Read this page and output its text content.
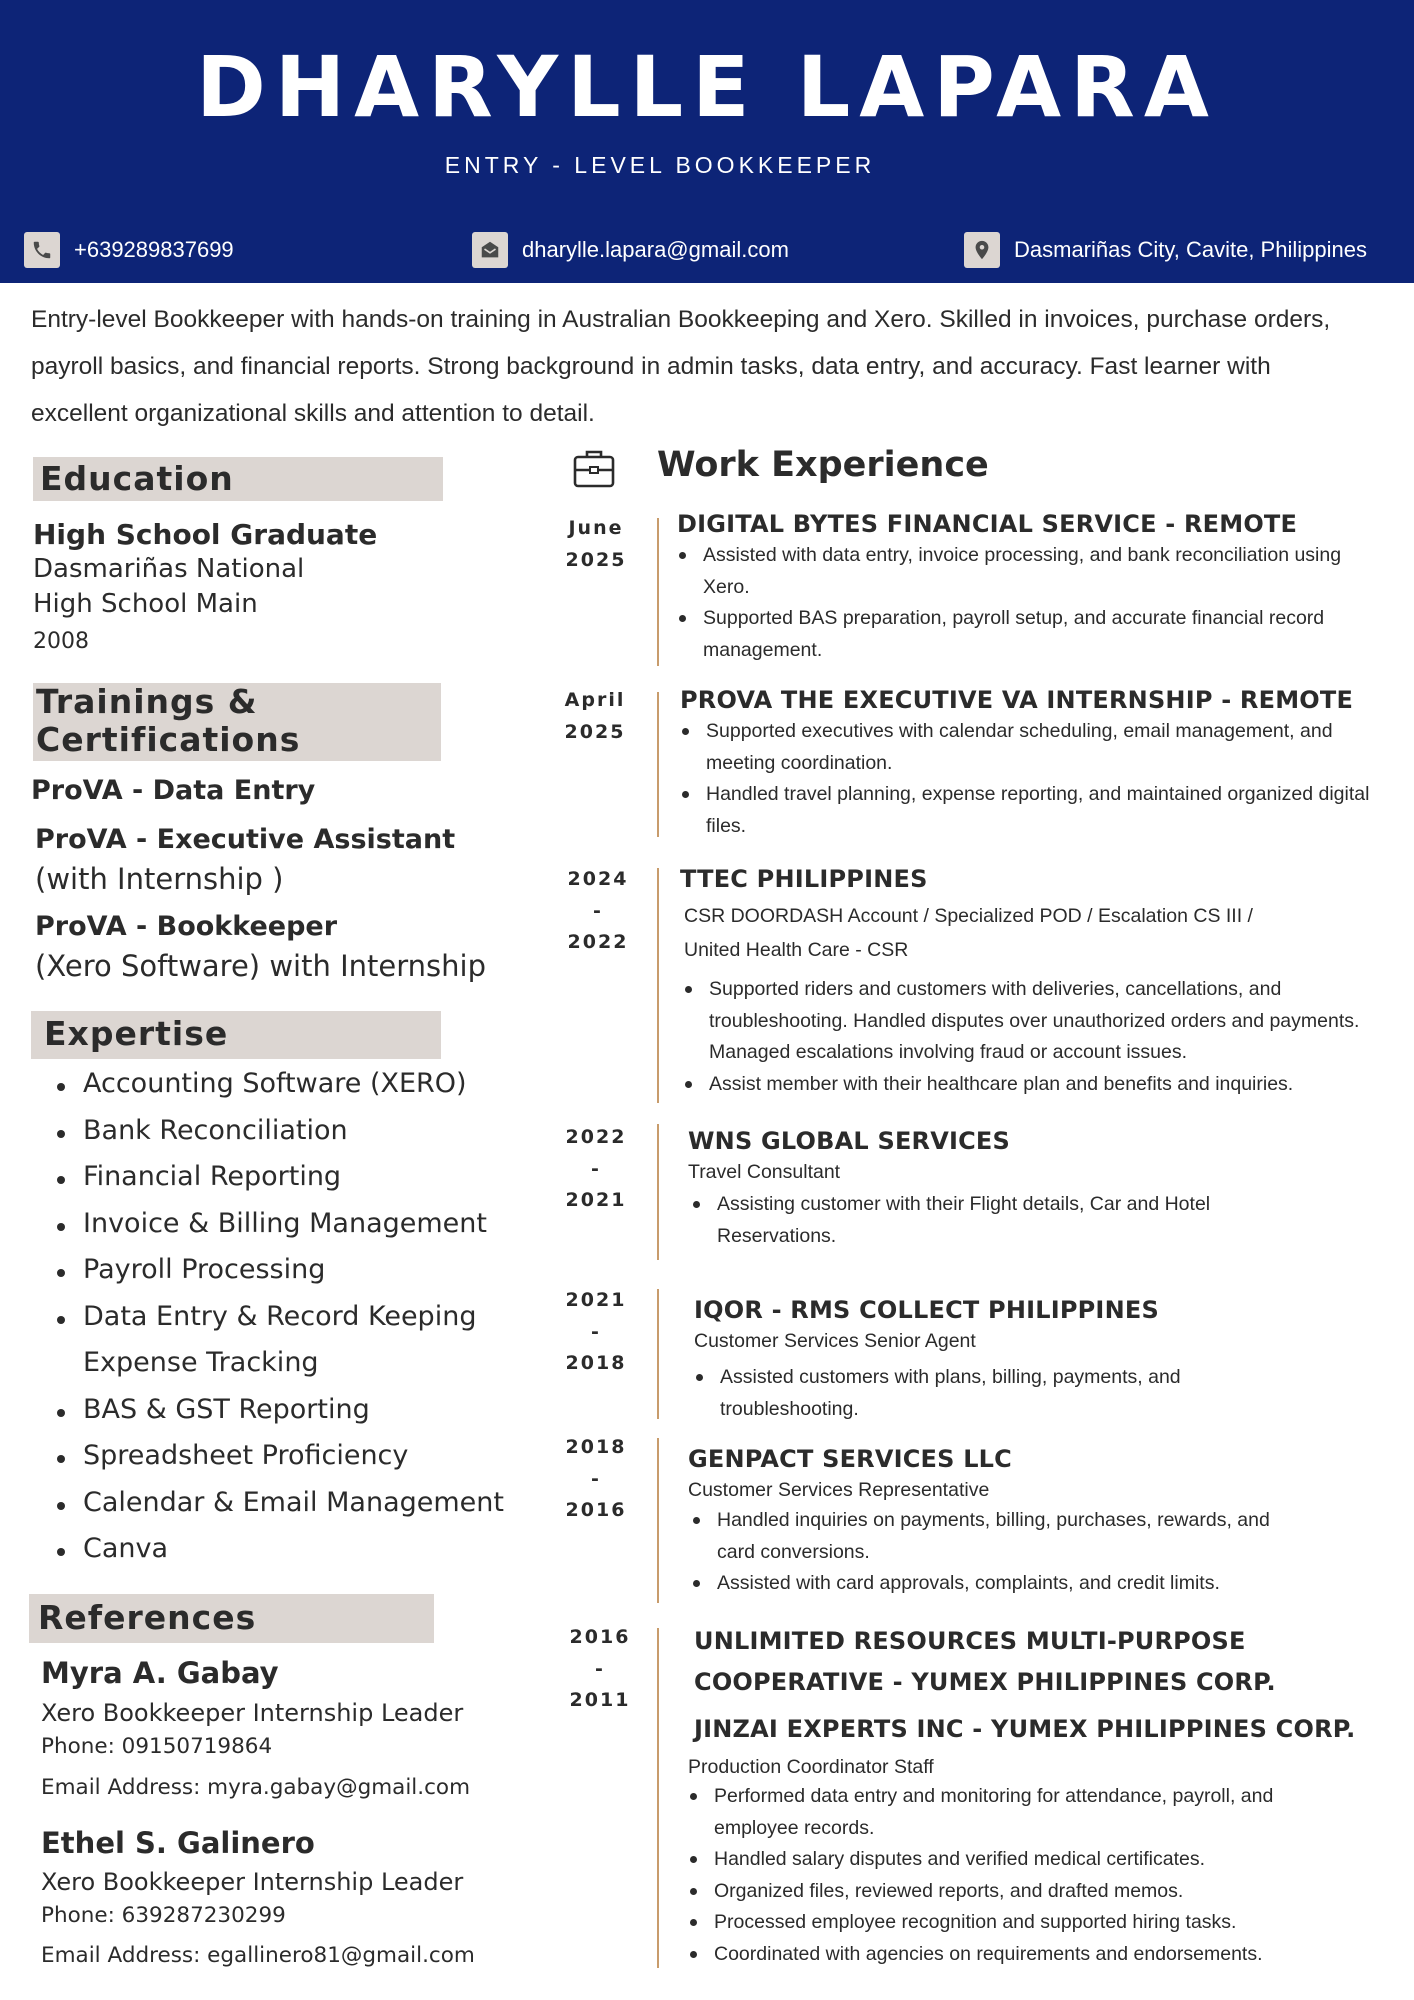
DHARYLLE LAPARA
ENTRY - LEVEL BOOKKEEPER
+639289837699	dharylle.lapara@gmail.com	Dasmariñas City, Cavite, Philippines
Entry-level Bookkeeper with hands-on training in Australian Bookkeeping and Xero. Skilled in invoices, purchase orders, payroll basics, and financial reports. Strong background in admin tasks, data entry, and accuracy. Fast learner with excellent organizational skills and attention to detail.
Education
High School Graduate
Dasmariñas National
High School Main
2008
Trainings &
Certifications
ProVA - Data Entry
ProVA - Executive Assistant
(with Internship )
ProVA - Bookkeeper
(Xero Software) with Internship
Expertise
Accounting Software (XERO)
Bank Reconciliation
Financial Reporting
Invoice & Billing Management
Payroll Processing
Data Entry & Record Keeping
Expense Tracking
BAS & GST Reporting
Spreadsheet Proficiency
Calendar & Email Management
Canva
References
Myra A. Gabay
Xero Bookkeeper Internship Leader
Phone: 09150719864
Email Address: myra.gabay@gmail.com
Ethel S. Galinero
Xero Bookkeeper Internship Leader
Phone: 639287230299
Email Address: egallinero81@gmail.com
Work Experience
June
2025
DIGITAL BYTES FINANCIAL SERVICE - REMOTE
Assisted with data entry, invoice processing, and bank reconciliation using Xero.
Supported BAS preparation, payroll setup, and accurate financial record management.
April
2025
PROVA THE EXECUTIVE VA INTERNSHIP - REMOTE
Supported executives with calendar scheduling, email management, and meeting coordination.
Handled travel planning, expense reporting, and maintained organized digital files.
2024
-
2022
TTEC PHILIPPINES
CSR DOORDASH Account / Specialized POD / Escalation CS III / United Health Care - CSR
Supported riders and customers with deliveries, cancellations, and troubleshooting. Handled disputes over unauthorized orders and payments. Managed escalations involving fraud or account issues.
Assist member with their healthcare plan and benefits and inquiries.
2022
-
2021
WNS GLOBAL SERVICES
Travel Consultant
Assisting customer with their Flight details, Car and Hotel Reservations.
2021
-
2018
IQOR - RMS COLLECT PHILIPPINES
Customer Services Senior Agent
Assisted customers with plans, billing, payments, and troubleshooting.
2018
-
2016
GENPACT SERVICES LLC
Customer Services Representative
Handled inquiries on payments, billing, purchases, rewards, and card conversions.
Assisted with card approvals, complaints, and credit limits.
2016
-
2011
UNLIMITED RESOURCES MULTI-PURPOSE
COOPERATIVE - YUMEX PHILIPPINES CORP.
JINZAI EXPERTS INC - YUMEX PHILIPPINES CORP.
Production Coordinator Staff
Performed data entry and monitoring for attendance, payroll, and employee records.
Handled salary disputes and verified medical certificates.
Organized files, reviewed reports, and drafted memos.
Processed employee recognition and supported hiring tasks.
Coordinated with agencies on requirements and endorsements.
